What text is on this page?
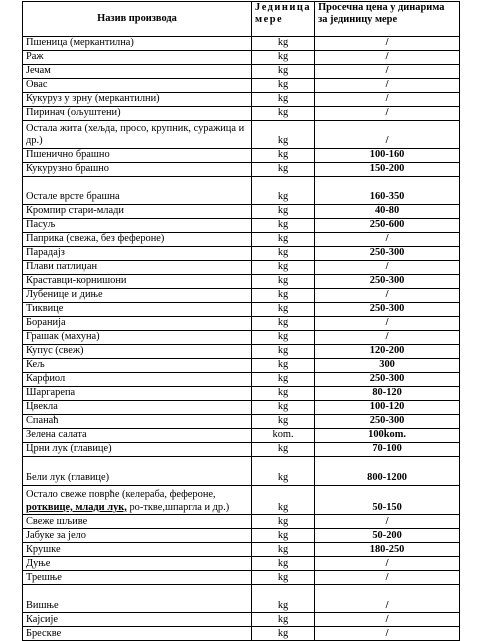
Назив производа	Јединица мере	Просечна цена у динарима за јединицу мере
Пшеница (меркантилна)	kg	/
Раж	kg	/
Јечам	kg	/
Овас	kg	/
Кукуруз у зрну (меркантилни)	kg	/
Пиринач (ољуштени)	kg	/
Остала жита (хељда, просо, крупник, суражица и др.)	kg	/
Пшенично брашно	kg	100-160
Кукурузно брашно	kg	150-200
Остале врсте брашна	kg	160-350
Кромпир стари-млади	kg	40-80
Пасуљ	kg	250-600
Паприка (свежа, без фефероне)	kg	/
Парадајз	kg	250-300
Плави патлиџан	kg	/
Краставци-корнишони	kg	250-300
Лубенице и диње	kg	/
Тиквице	kg	250-300
Боранија	kg	/
Грашак (махуна)	kg	/
Купус (свеж)	kg	120-200
Кељ	kg	300
Карфиол	kg	250-300
Шаргарепа	kg	80-120
Цвекла	kg	100-120
Спанаћ	kg	250-300
Зелена салата	kom.	100kom.
Црни лук (главице)	kg	70-100
Бели лук (главице)	kg	800-1200
Остало свеже поврће (келераба, фефероне,
ротквице, млади лук, ро-ткве,шпаргла и др.)	kg	50-150
Свеже шљиве	kg	/
Јабуке за јело	kg	50-200
Крушке	kg	180-250
Дуње	kg	/
Трешње	kg	/
Вишње	kg	/
Кајсије	kg	/
Бресквe	kg	/
